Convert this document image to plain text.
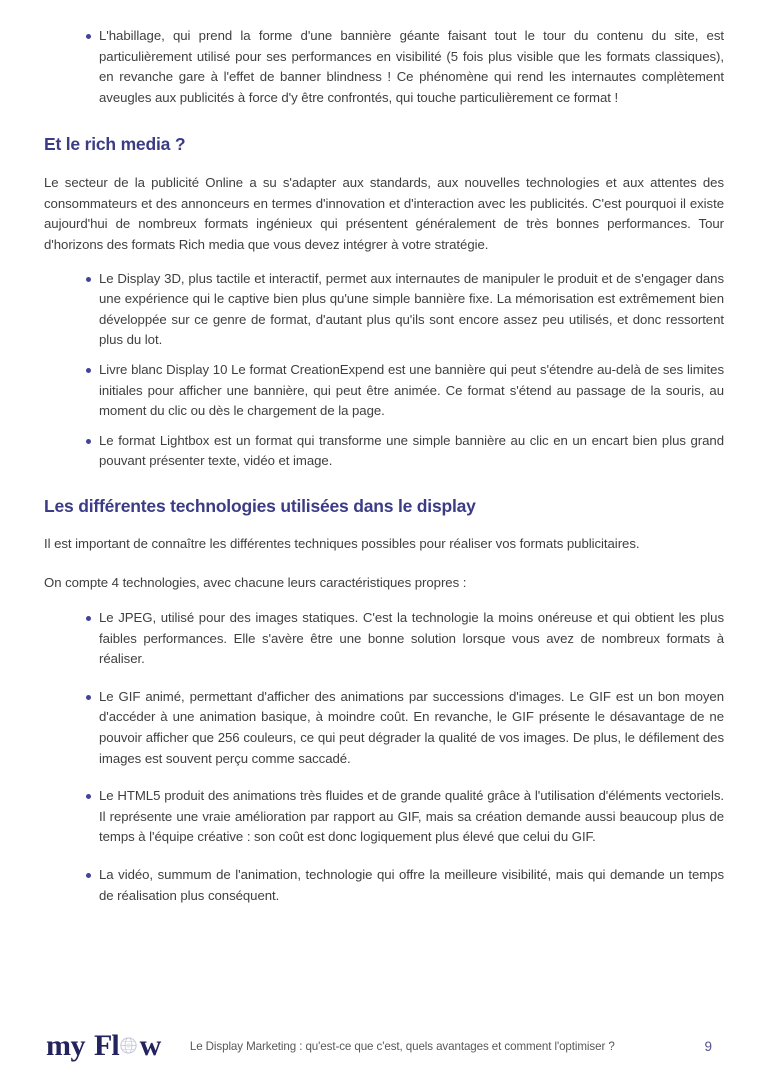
L'habillage, qui prend la forme d'une bannière géante faisant tout le tour du contenu du site, est particulièrement utilisé pour ses performances en visibilité (5 fois plus visible que les formats classiques), en revanche gare à l'effet de banner blindness ! Ce phénomène qui rend les internautes complètement aveugles aux publicités à force d'y être confrontés, qui touche particulièrement ce format !
Et le rich media ?

Le secteur de la publicité Online a su s'adapter aux standards, aux nouvelles technologies et aux attentes des consommateurs et des annonceurs en termes d'innovation et d'interaction avec les publicités. C'est pourquoi il existe aujourd'hui de nombreux formats ingénieux qui présentent généralement de très bonnes performances. Tour d'horizons des formats Rich media que vous devez intégrer à votre stratégie.

Le Display 3D, plus tactile et interactif, permet aux internautes de manipuler le produit et de s'engager dans une expérience qui le captive bien plus qu'une simple bannière fixe. La mémorisation est extrêmement bien développée sur ce genre de format, d'autant plus qu'ils sont encore assez peu utilisés, et donc ressortent plus du lot.
Livre blanc Display 10 Le format CreationExpend est une bannière qui peut s'étendre au-delà de ses limites initiales pour afficher une bannière, qui peut être animée. Ce format s'étend au passage de la souris, au moment du clic ou dès le chargement de la page.
Le format Lightbox est un format qui transforme une simple bannière au clic en un encart bien plus grand pouvant présenter texte, vidéo et image.
Les différentes technologies utilisées dans le display

Il est important de connaître les différentes techniques possibles pour réaliser vos formats publicitaires.

On compte 4 technologies, avec chacune leurs caractéristiques propres :

Le JPEG, utilisé pour des images statiques. C'est la technologie la moins onéreuse et qui obtient les plus faibles performances. Elle s'avère être une bonne solution lorsque vous avez de nombreux formats à réaliser.
Le GIF animé, permettant d'afficher des animations par successions d'images. Le GIF est un bon moyen d'accéder à une animation basique, à moindre coût. En revanche, le GIF présente le désavantage de ne pouvoir afficher que 256 couleurs, ce qui peut dégrader la qualité de vos images. De plus, le défilement des images est souvent perçu comme saccadé.
Le HTML5 produit des animations très fluides et de grande qualité grâce à l'utilisation d'éléments vectoriels. Il représente une vraie amélioration par rapport au GIF, mais sa création demande aussi beaucoup plus de temps à l'équipe créative : son coût est donc logiquement plus élevé que celui du GIF.
La vidéo, summum de l'animation, technologie qui offre la meilleure visibilité, mais qui demande un temps de réalisation plus conséquent.
my Fl w	Le Display Marketing : qu'est-ce que c'est, quels avantages et comment l'optimiser ?	9
